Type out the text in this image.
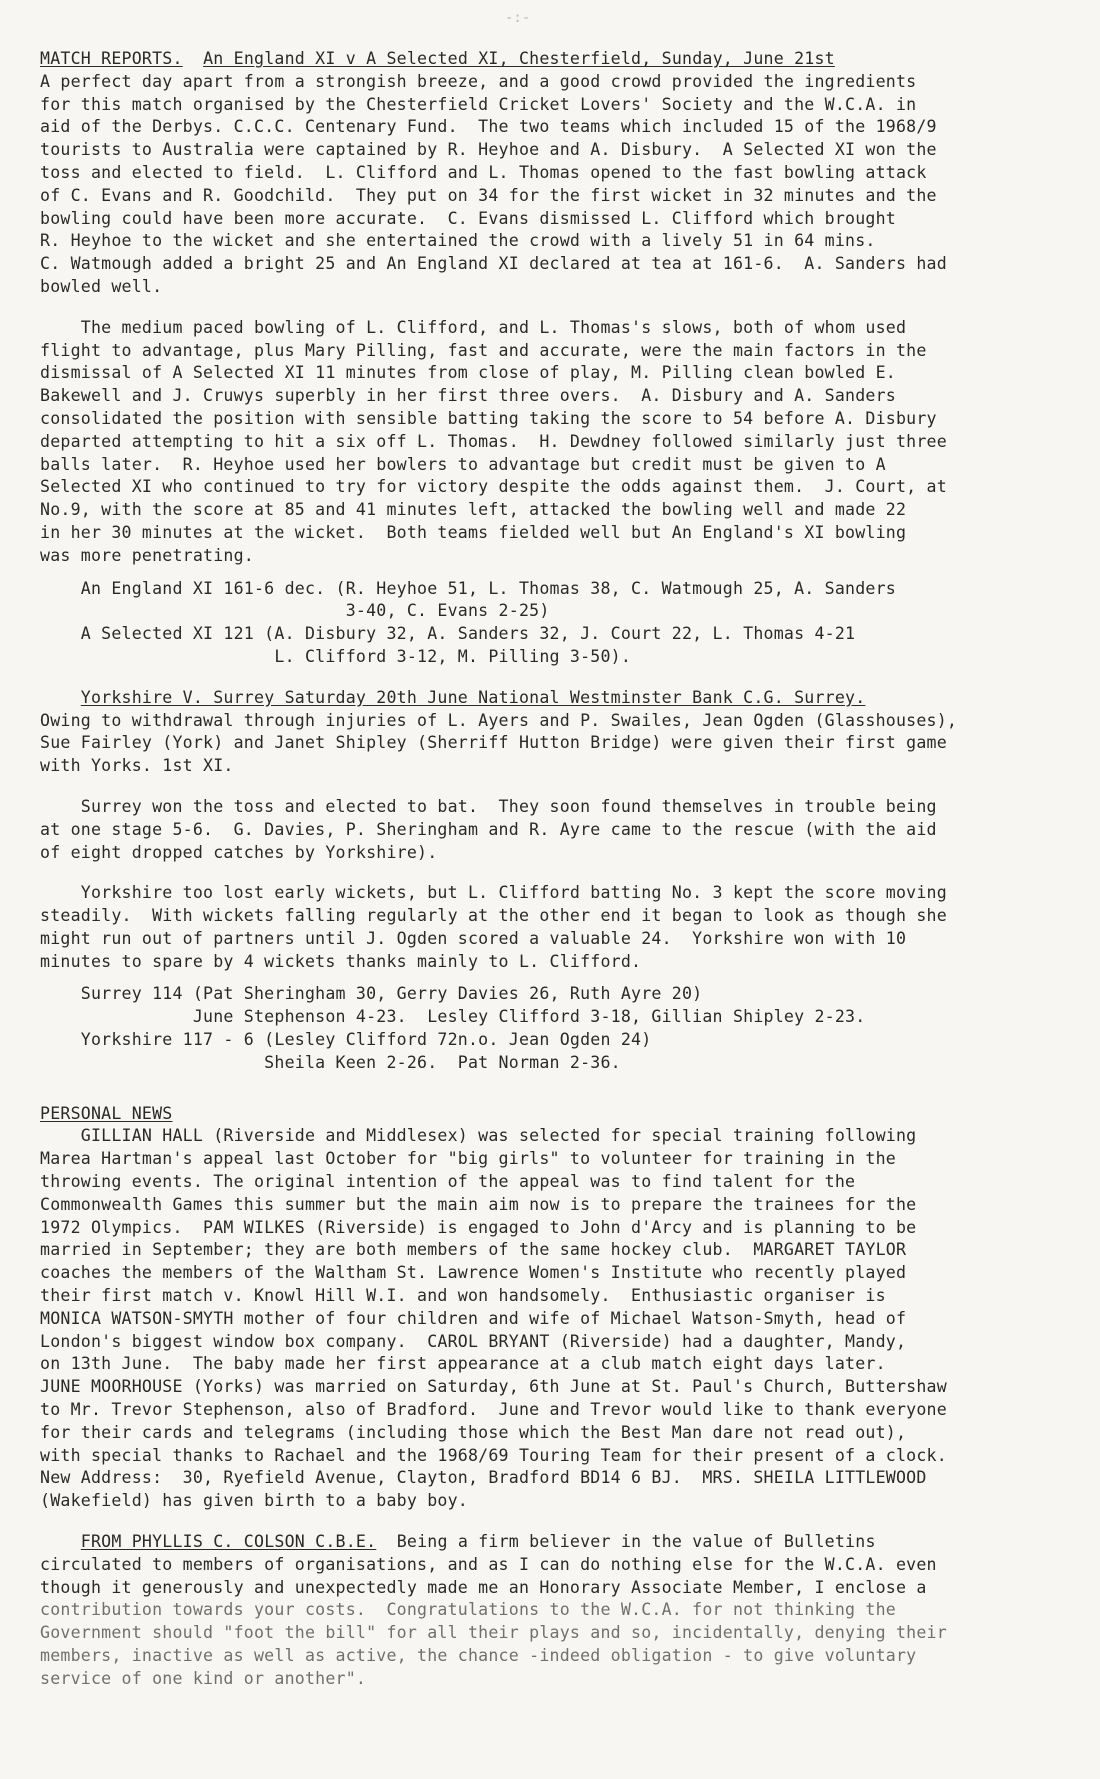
-:-
MATCH REPORTS. An England XI v A Selected XI, Chesterfield, Sunday, June 21st
A perfect day apart from a strongish breeze, and a good crowd provided the ingredients
for this match organised by the Chesterfield Cricket Lovers' Society and the W.C.A. in
aid of the Derbys. C.C.C. Centenary Fund.  The two teams which included 15 of the 1968/9
tourists to Australia were captained by R. Heyhoe and A. Disbury.  A Selected XI won the
toss and elected to field.  L. Clifford and L. Thomas opened to the fast bowling attack
of C. Evans and R. Goodchild.  They put on 34 for the first wicket in 32 minutes and the
bowling could have been more accurate.  C. Evans dismissed L. Clifford which brought
R. Heyhoe to the wicket and she entertained the crowd with a lively 51 in 64 mins.
C. Watmough added a bright 25 and An England XI declared at tea at 161-6.  A. Sanders had
bowled well.
The medium paced bowling of L. Clifford, and L. Thomas's slows, both of whom used
flight to advantage, plus Mary Pilling, fast and accurate, were the main factors in the
dismissal of A Selected XI 11 minutes from close of play, M. Pilling clean bowled E.
Bakewell and J. Cruwys superbly in her first three overs.  A. Disbury and A. Sanders
consolidated the position with sensible batting taking the score to 54 before A. Disbury
departed attempting to hit a six off L. Thomas.  H. Dewdney followed similarly just three
balls later.  R. Heyhoe used her bowlers to advantage but credit must be given to A
Selected XI who continued to try for victory despite the odds against them.  J. Court, at
No.9, with the score at 85 and 41 minutes left, attacked the bowling well and made 22
in her 30 minutes at the wicket.  Both teams fielded well but An England's XI bowling
was more penetrating.
An England XI 161-6 dec. (R. Heyhoe 51, L. Thomas 38, C. Watmough 25, A. Sanders
3-40, C. Evans 2-25)
A Selected XI 121 (A. Disbury 32, A. Sanders 32, J. Court 22, L. Thomas 4-21
L. Clifford 3-12, M. Pilling 3-50).
Yorkshire V. Surrey Saturday 20th June National Westminster Bank C.G. Surrey.
Owing to withdrawal through injuries of L. Ayers and P. Swailes, Jean Ogden (Glasshouses),
Sue Fairley (York) and Janet Shipley (Sherriff Hutton Bridge) were given their first game
with Yorks. 1st XI.
Surrey won the toss and elected to bat.  They soon found themselves in trouble being
at one stage 5-6.  G. Davies, P. Sheringham and R. Ayre came to the rescue (with the aid
of eight dropped catches by Yorkshire).
Yorkshire too lost early wickets, but L. Clifford batting No. 3 kept the score moving
steadily.  With wickets falling regularly at the other end it began to look as though she
might run out of partners until J. Ogden scored a valuable 24.  Yorkshire won with 10
minutes to spare by 4 wickets thanks mainly to L. Clifford.
Surrey 114 (Pat Sheringham 30, Gerry Davies 26, Ruth Ayre 20)
June Stephenson 4-23.  Lesley Clifford 3-18, Gillian Shipley 2-23.
Yorkshire 117 - 6 (Lesley Clifford 72n.o. Jean Ogden 24)
Sheila Keen 2-26.  Pat Norman 2-36.
PERSONAL NEWS
GILLIAN HALL (Riverside and Middlesex) was selected for special training following
Marea Hartman's appeal last October for "big girls" to volunteer for training in the
throwing events. The original intention of the appeal was to find talent for the
Commonwealth Games this summer but the main aim now is to prepare the trainees for the
1972 Olympics.  PAM WILKES (Riverside) is engaged to John d'Arcy and is planning to be
married in September; they are both members of the same hockey club.  MARGARET TAYLOR
coaches the members of the Waltham St. Lawrence Women's Institute who recently played
their first match v. Knowl Hill W.I. and won handsomely.  Enthusiastic organiser is
MONICA WATSON-SMYTH mother of four children and wife of Michael Watson-Smyth, head of
London's biggest window box company.  CAROL BRYANT (Riverside) had a daughter, Mandy,
on 13th June.  The baby made her first appearance at a club match eight days later.
JUNE MOORHOUSE (Yorks) was married on Saturday, 6th June at St. Paul's Church, Buttershaw
to Mr. Trevor Stephenson, also of Bradford.  June and Trevor would like to thank everyone
for their cards and telegrams (including those which the Best Man dare not read out),
with special thanks to Rachael and the 1968/69 Touring Team for their present of a clock.
New Address:  30, Ryefield Avenue, Clayton, Bradford BD14 6 BJ.  MRS. SHEILA LITTLEWOOD
(Wakefield) has given birth to a baby boy.
FROM PHYLLIS C. COLSON C.B.E. Being a firm believer in the value of Bulletins
circulated to members of organisations, and as I can do nothing else for the W.C.A. even
though it generously and unexpectedly made me an Honorary Associate Member, I enclose a
contribution towards your costs.  Congratulations to the W.C.A. for not thinking the
Government should "foot the bill" for all their plays and so, incidentally, denying their
members, inactive as well as active, the chance -indeed obligation - to give voluntary
service of one kind or another".
